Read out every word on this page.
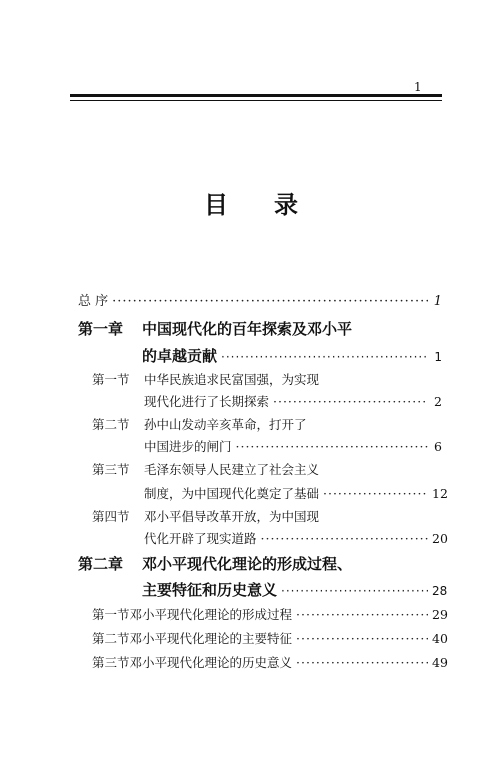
1
目 录
总 序 ·····	1
第一章	中国现代化的百年探索及邓小平
的卓越贡献 ·····	1
第一节	中华民族追求民富国强，为实现
现代化进行了长期探索 ·····	2
第二节	孙中山发动辛亥革命，打开了
中国进步的闸门 ·····	6
第三节	毛泽东领导人民建立了社会主义
制度，为中国现代化奠定了基础 ·····	12
第四节	邓小平倡导改革开放，为中国现
代化开辟了现实道路 ·····	20
第二章	邓小平现代化理论的形成过程、
主要特征和历史意义 ·····	28
第一节 邓小平现代化理论的形成过程 ·····	29
第二节 邓小平现代化理论的主要特征 ·····	40
第三节 邓小平现代化理论的历史意义 ·····	49
